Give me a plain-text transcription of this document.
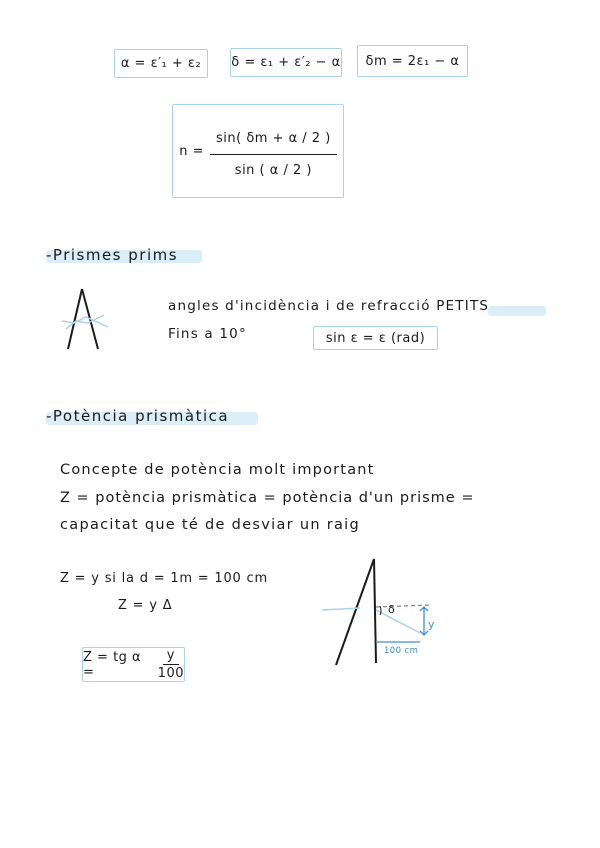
α = ε′₁ + ε₂ δ = ε₁ + ε′₂ − α δm = 2ε₁ − α
$n = \frac{\sin( \delta m + \alpha / 2 )}{\sin ( \alpha / 2 )}$
-Prismes prims
angles d'incidència i de refracció PETITS
Fins a 10°	sin ε = ε (rad)
-Potència prismàtica
Concepte de potència molt important
Z = potència prismàtica = potència d'un prisme =
capacitat que té de desviar un raig
Z = y si la d = 1m = 100 cm
Z = y Δ
Z = tg α =	$\frac{y}{100}$
δ
y
100 cm
